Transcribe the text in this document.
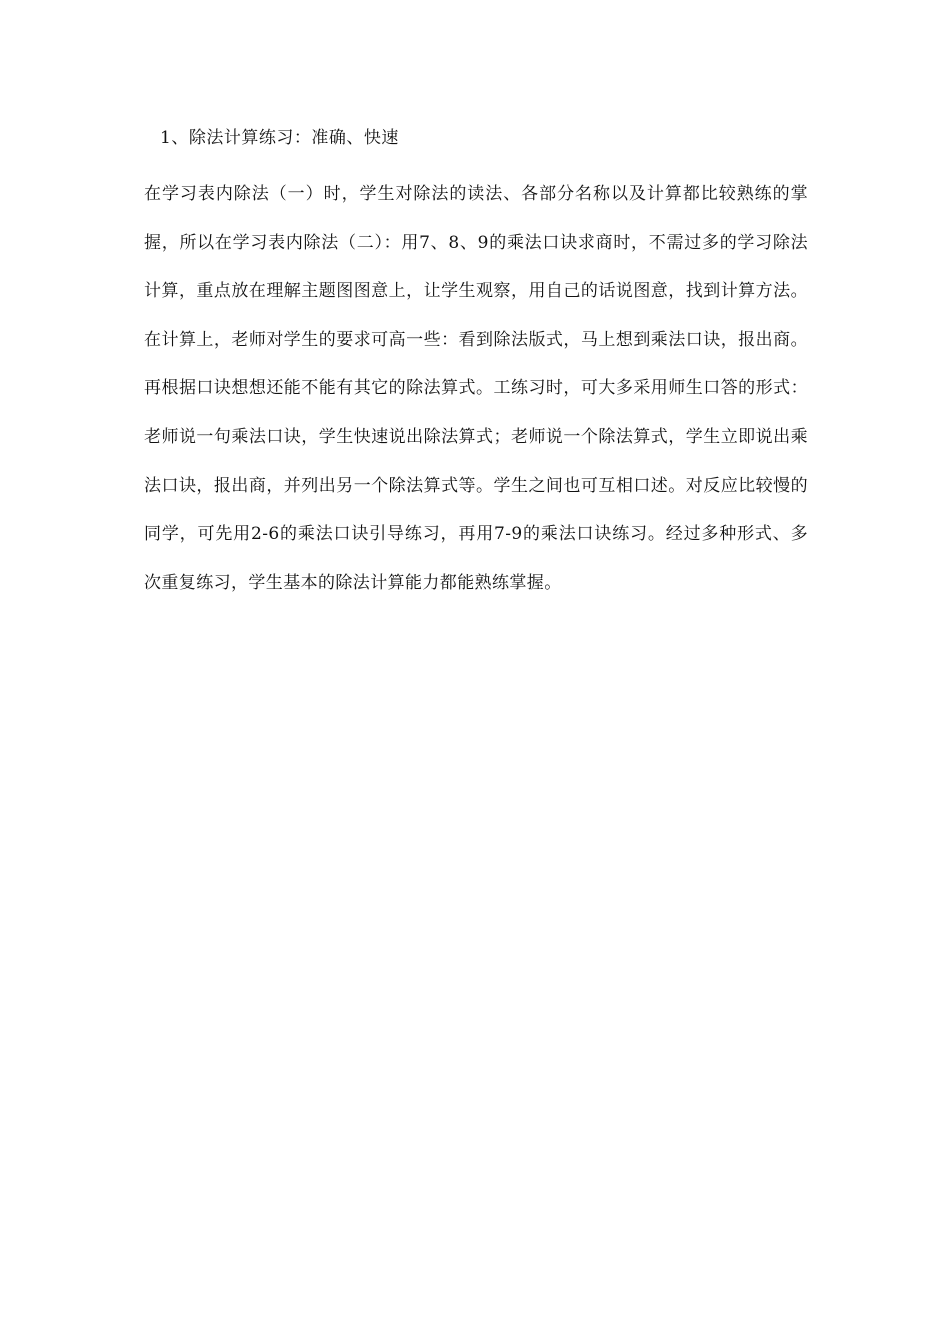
1、除法计算练习：准确、快速

在学习表内除法（一）时，学生对除法的读法、各部分名称以及计算都比较熟练的掌握，所以在学习表内除法（二）：用7、8、9的乘法口诀求商时，不需过多的学习除法计算，重点放在理解主题图图意上，让学生观察，用自己的话说图意，找到计算方法。在计算上，老师对学生的要求可高一些：看到除法版式，马上想到乘法口诀，报出商。再根据口诀想想还能不能有其它的除法算式。工练习时，可大多采用师生口答的形式：老师说一句乘法口诀，学生快速说出除法算式；老师说一个除法算式，学生立即说出乘法口诀，报出商，并列出另一个除法算式等。学生之间也可互相口述。对反应比较慢的同学，可先用2-6的乘法口诀引导练习，再用7-9的乘法口诀练习。经过多种形式、多次重复练习，学生基本的除法计算能力都能熟练掌握。
